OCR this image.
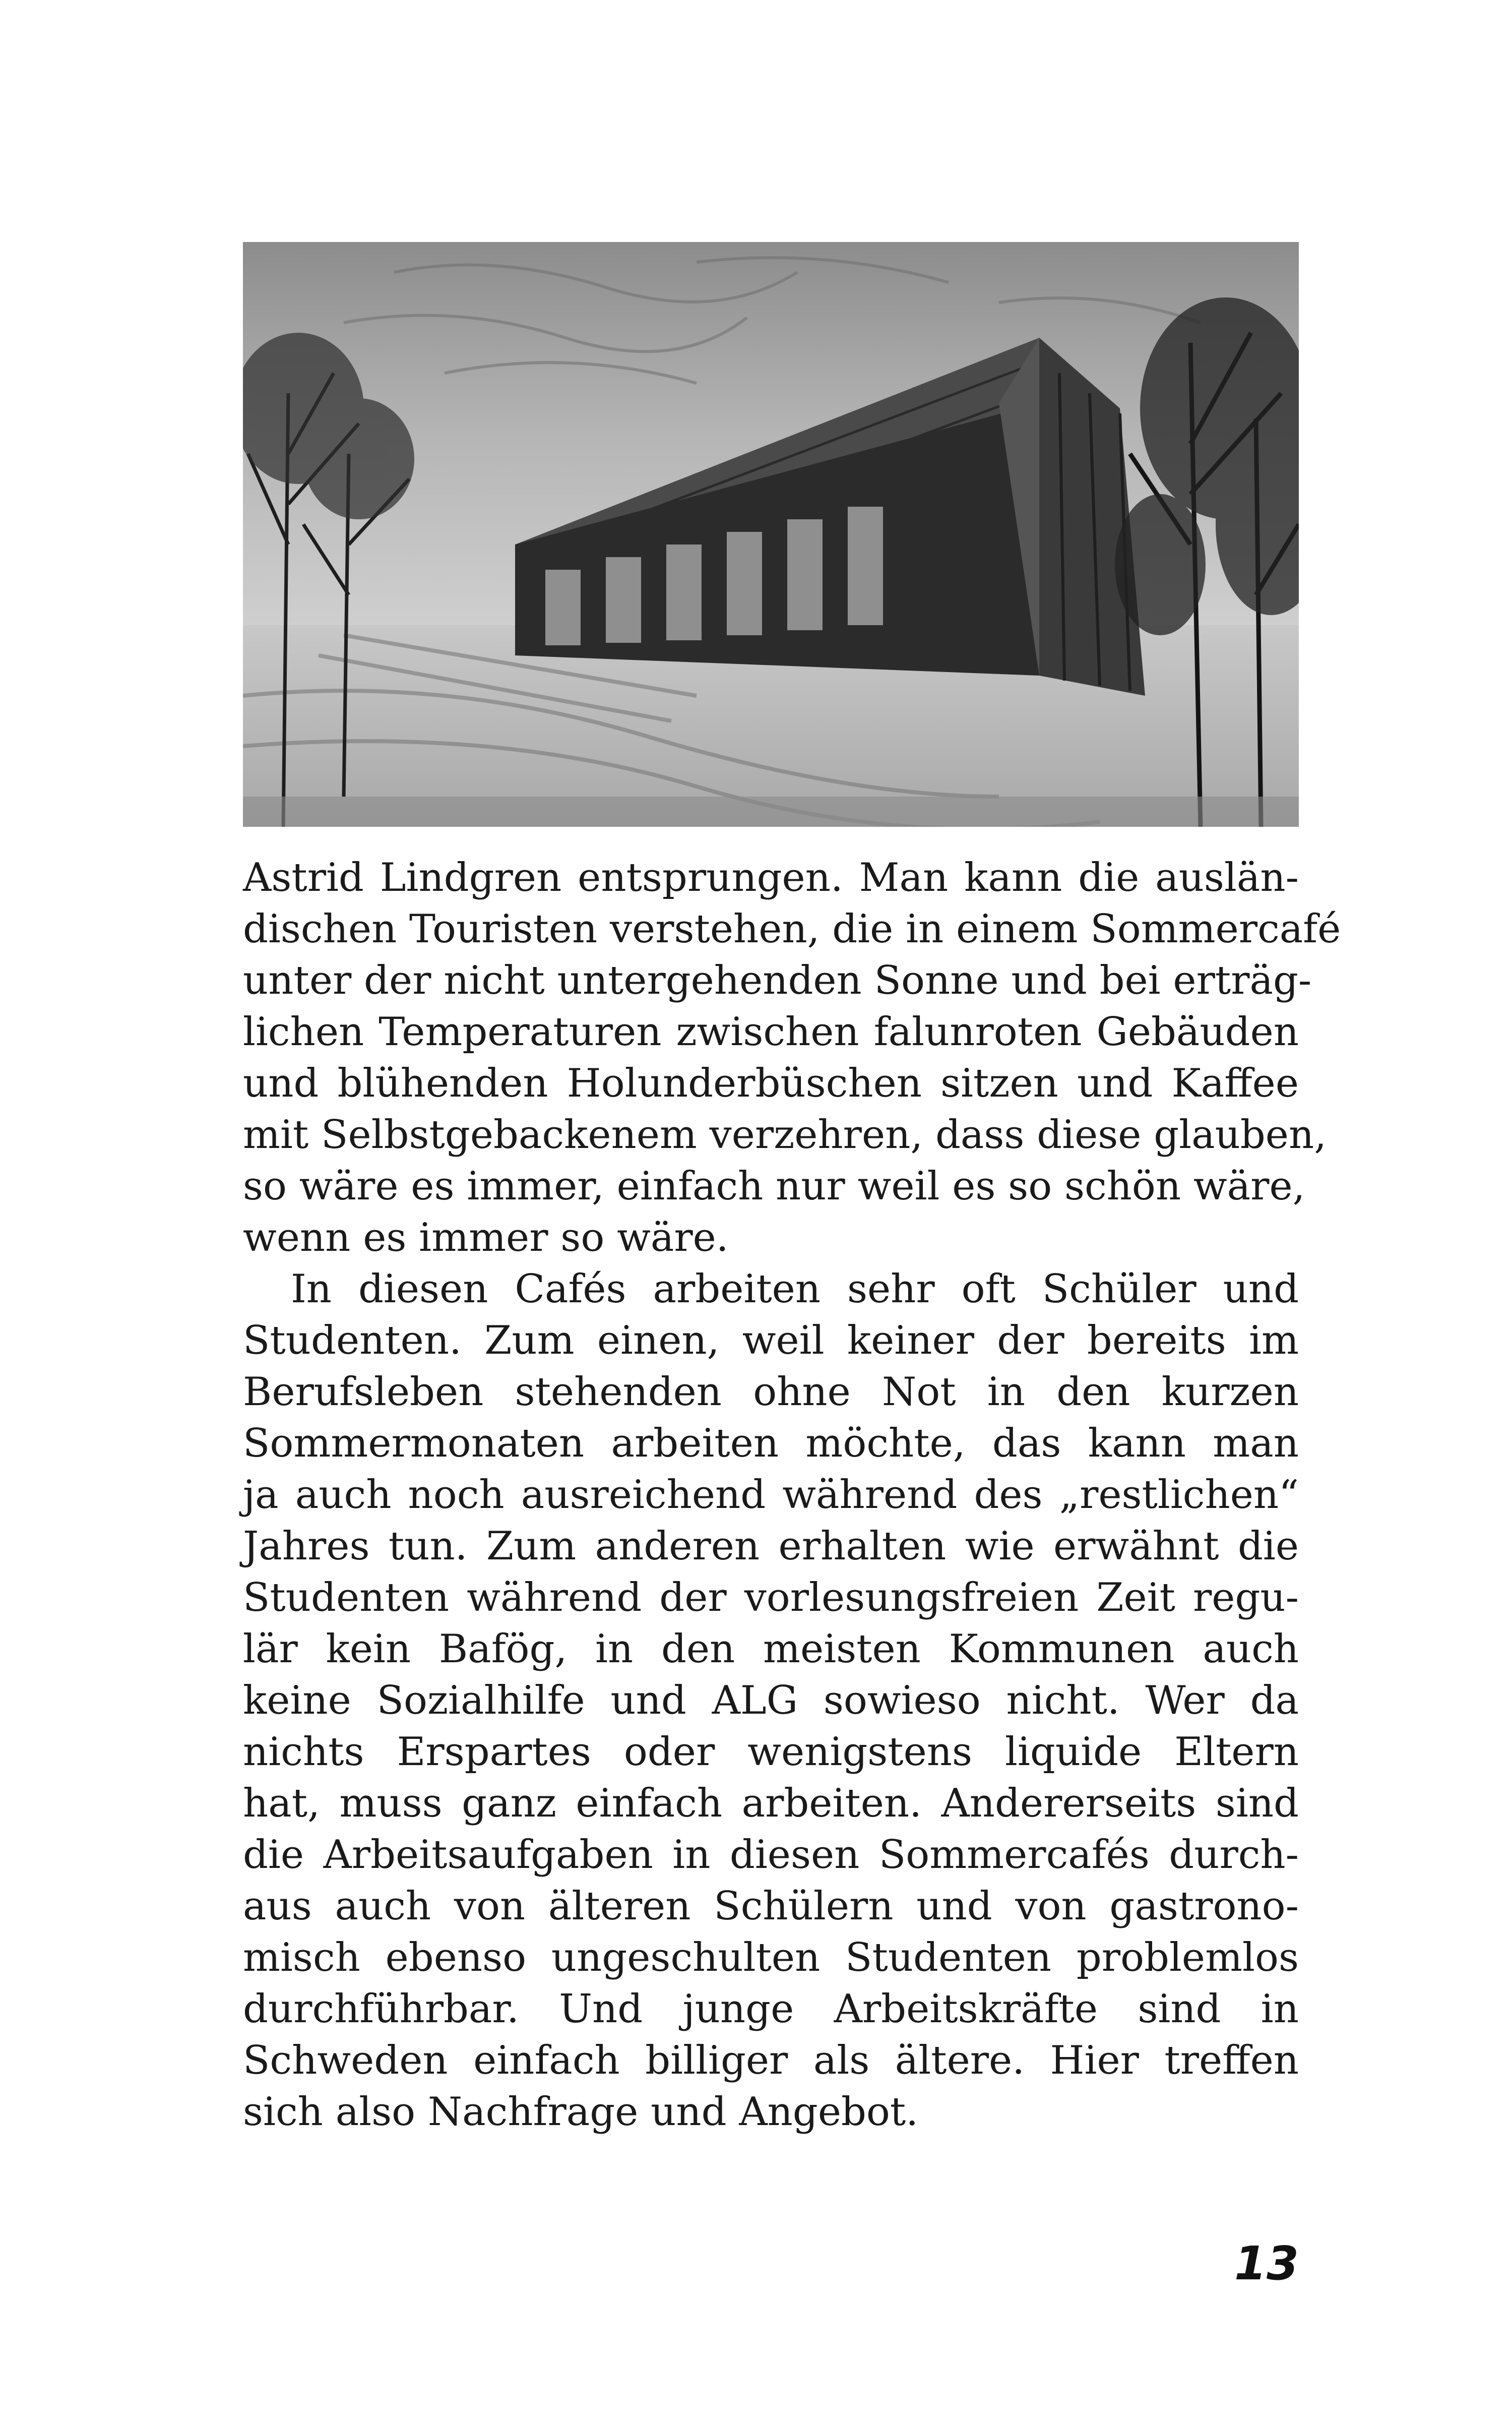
Astrid Lindgren entsprungen. Man kann die auslän-
dischen Touristen verstehen, die in einem Sommercafé
unter der nicht untergehenden Sonne und bei erträg-
lichen Temperaturen zwischen falunroten Gebäuden
und blühenden Holunderbüschen sitzen und Kaffee
mit Selbstgebackenem verzehren, dass diese glauben,
so wäre es immer, einfach nur weil es so schön wäre,
wenn es immer so wäre.
In diesen Cafés arbeiten sehr oft Schüler und
Studenten. Zum einen, weil keiner der bereits im
Berufsleben stehenden ohne Not in den kurzen
Sommermonaten arbeiten möchte, das kann man
ja auch noch ausreichend während des „restlichen“
Jahres tun. Zum anderen erhalten wie erwähnt die
Studenten während der vorlesungsfreien Zeit regu-
lär kein Bafög, in den meisten Kommunen auch
keine Sozialhilfe und ALG sowieso nicht. Wer da
nichts Erspartes oder wenigstens liquide Eltern
hat, muss ganz einfach arbeiten. Andererseits sind
die Arbeitsaufgaben in diesen Sommercafés durch-
aus auch von älteren Schülern und von gastrono-
misch ebenso ungeschulten Studenten problemlos
durchführbar. Und junge Arbeitskräfte sind in
Schweden einfach billiger als ältere. Hier treffen
sich also Nachfrage und Angebot.
13
